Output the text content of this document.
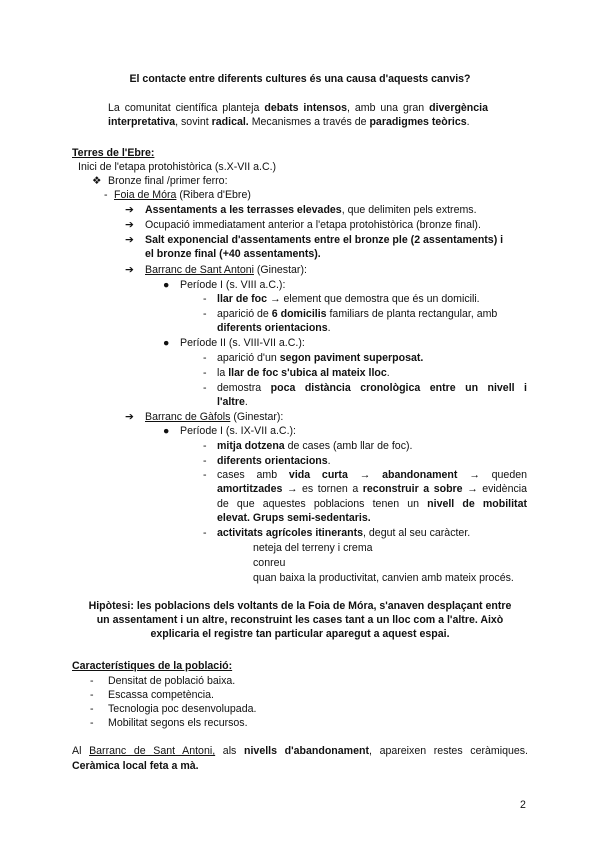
El contacte entre diferents cultures és una causa d'aquests canvis?
La comunitat científica planteja debats intensos, amb una gran divergència interpretativa, sovint radical. Mecanismes a través de paradigmes teòrics.
Terres de l'Ebre:
Inici de l'etapa protohistòrica (s.X-VII a.C.)
❖ Bronze final /primer ferro:
- Foia de Móra (Ribera d'Ebre)
➔ Assentaments a les terrasses elevades, que delimiten pels extrems.
➔ Ocupació immediatament anterior a l'etapa protohistòrica (bronze final).
➔ Salt exponencial d'assentaments entre el bronze ple (2 assentaments) i
el bronze final (+40 assentaments).
➔ Barranc de Sant Antoni (Ginestar):
● Període I (s. VIII a.C.):
- llar de foc → element que demostra que és un domicili.
- aparició de 6 domicilis familiars de planta rectangular, amb
diferents orientacions.
● Període II (s. VIII-VII a.C.):
- aparició d'un segon paviment superposat.
- la llar de foc s'ubica al mateix lloc.
- demostra poca distància cronològica entre un nivell i
l'altre.
➔ Barranc de Gàfols (Ginestar):
● Període I (s. IX-VII a.C.):
- mitja dotzena de cases (amb llar de foc).
- diferents orientacions.
- cases amb vida curta → abandonament → queden
amortitzades → es tornen a reconstruir a sobre → evidència
de que aquestes poblacions tenen un nivell de mobilitat
elevat. Grups semi-sedentaris.
- activitats agrícoles itinerants, degut al seu caràcter.
neteja del terreny i crema
conreu
quan baixa la productivitat, canvien amb mateix procés.
Hipòtesi: les poblacions dels voltants de la Foia de Móra, s'anaven desplaçant entre
un assentament i un altre, reconstruint les cases tant a un lloc com a l'altre. Això
explicaria el registre tan particular aparegut a aquest espai.
Característiques de la població:
- Densitat de població baixa.
- Escassa competència.
- Tecnologia poc desenvolupada.
- Mobilitat segons els recursos.
Al Barranc de Sant Antoni, als nivells d'abandonament, apareixen restes ceràmiques.
Ceràmica local feta a mà.
2
